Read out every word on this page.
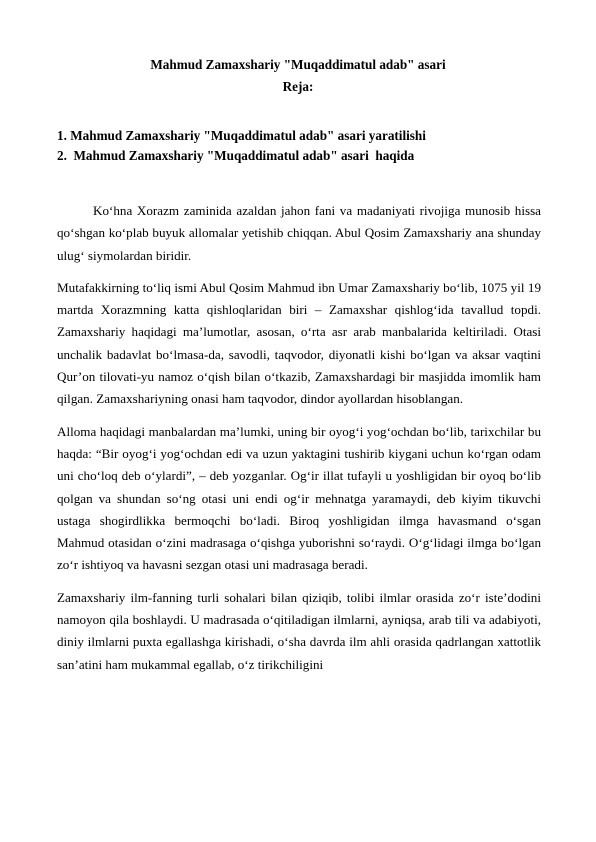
Mahmud Zamaxshariy "Muqaddimatul adab" asari
Reja:
1. Mahmud Zamaxshariy "Muqaddimatul adab" asari yaratilishi
2.  Mahmud Zamaxshariy "Muqaddimatul adab" asari  haqida

Ko‘hna Xorazm zaminida azaldan jahon fani va madaniyati rivojiga munosib hissa qo‘shgan ko‘plab buyuk allomalar yetishib chiqqan. Abul Qosim Zamaxshariy ana shunday ulug‘ siymolardan biridir.

Mutafakkirning to‘liq ismi Abul Qosim Mahmud ibn Umar Zamaxshariy bo‘lib, 1075 yil 19 martda Xorazmning katta qishloqlaridan biri – Zamaxshar qishlog‘ida tavallud topdi. Zamaxshariy haqidagi ma’lumotlar, asosan, o‘rta asr arab manbalarida keltiriladi. Otasi unchalik badavlat bo‘lmasa-da, savodli, taqvodor, diyonatli kishi bo‘lgan va aksar vaqtini Qur’on tilovati-yu namoz o‘qish bilan o‘tkazib, Zamaxshardagi bir masjidda imomlik ham qilgan. Zamaxshariyning onasi ham taqvodor, dindor ayollardan hisoblangan.

Alloma haqidagi manbalardan ma’lumki, uning bir oyog‘i yog‘ochdan bo‘lib, tarixchilar bu haqda: “Bir oyog‘i yog‘ochdan edi va uzun yaktagini tushirib kiygani uchun ko‘rgan odam uni cho‘loq deb o‘ylardi”, – deb yozganlar. Og‘ir illat tufayli u yoshligidan bir oyoq bo‘lib qolgan va shundan so‘ng otasi uni endi og‘ir mehnatga yaramaydi, deb kiyim tikuvchi ustaga shogirdlikka bermoqchi bo‘ladi. Biroq yoshligidan ilmga havasmand o‘sgan Mahmud otasidan o‘zini madrasaga o‘qishga yuborishni so‘raydi. O‘g‘lidagi ilmga bo‘lgan zo‘r ishtiyoq va havasni sezgan otasi uni madrasaga beradi.

Zamaxshariy ilm-fanning turli sohalari bilan qiziqib, tolibi ilmlar orasida zo‘r iste’dodini namoyon qila boshlaydi. U madrasada o‘qitiladigan ilmlarni, ayniqsa, arab tili va adabiyoti, diniy ilmlarni puxta egallashga kirishadi, o‘sha davrda ilm ahli orasida qadrlangan xattotlik san’atini ham mukammal egallab, o‘z tirikchiligini
